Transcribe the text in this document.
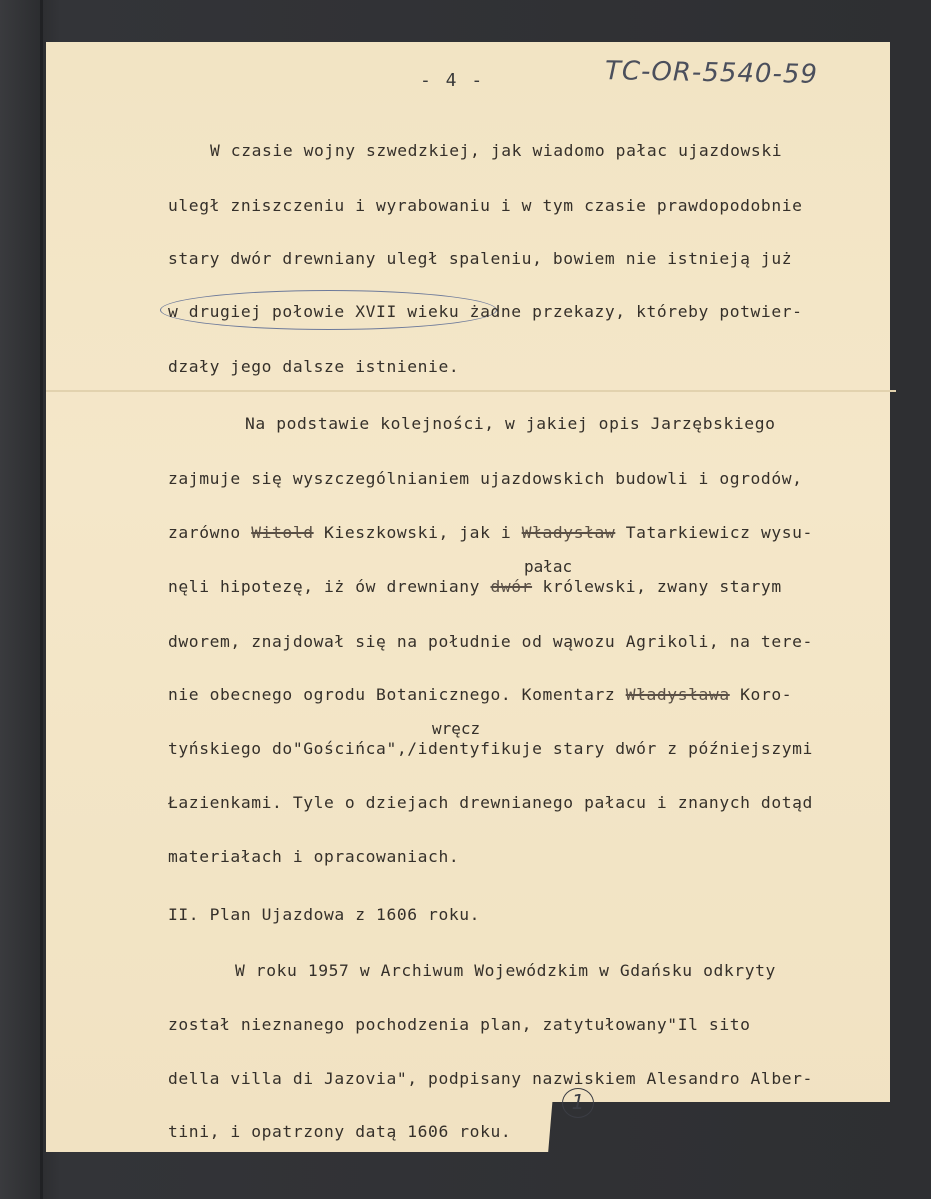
- 4 -	TC-OR-5540-59
W czasie wojny szwedzkiej, jak wiadomo pałac ujazdowski
uległ zniszczeniu i wyrabowaniu i w tym czasie prawdopodobnie
stary dwór drewniany uległ spaleniu, bowiem nie istnieją już
w drugiej połowie XVII wieku żadne przekazy, któreby potwier-
dzały jego dalsze istnienie.
Na podstawie kolejności, w jakiej opis Jarzębskiego
zajmuje się wyszczególnianiem ujazdowskich budowli i ogrodów,
zarówno Witold Kieszkowski, jak i Władysław Tatarkiewicz wysu-
pałac
nęli hipotezę, iż ów drewniany dwór królewski, zwany starym
dworem, znajdował się na południe od wąwozu Agrikoli, na tere-
nie obecnego ogrodu Botanicznego. Komentarz Władysława Koro-
wręcz
tyńskiego do"Gościńca",/identyfikuje stary dwór z późniejszymi
Łazienkami. Tyle o dziejach drewnianego pałacu i znanych dotąd
materiałach i opracowaniach.
II. Plan Ujazdowa z 1606 roku.
W roku 1957 w Archiwum Wojewódzkim w Gdańsku odkryty
został nieznanego pochodzenia plan, zatytułowany"Il sito
della villa di Jazovia", podpisany nazwiskiem Alesandro Alber-
tini, i opatrzony datą 1606 roku.
1
